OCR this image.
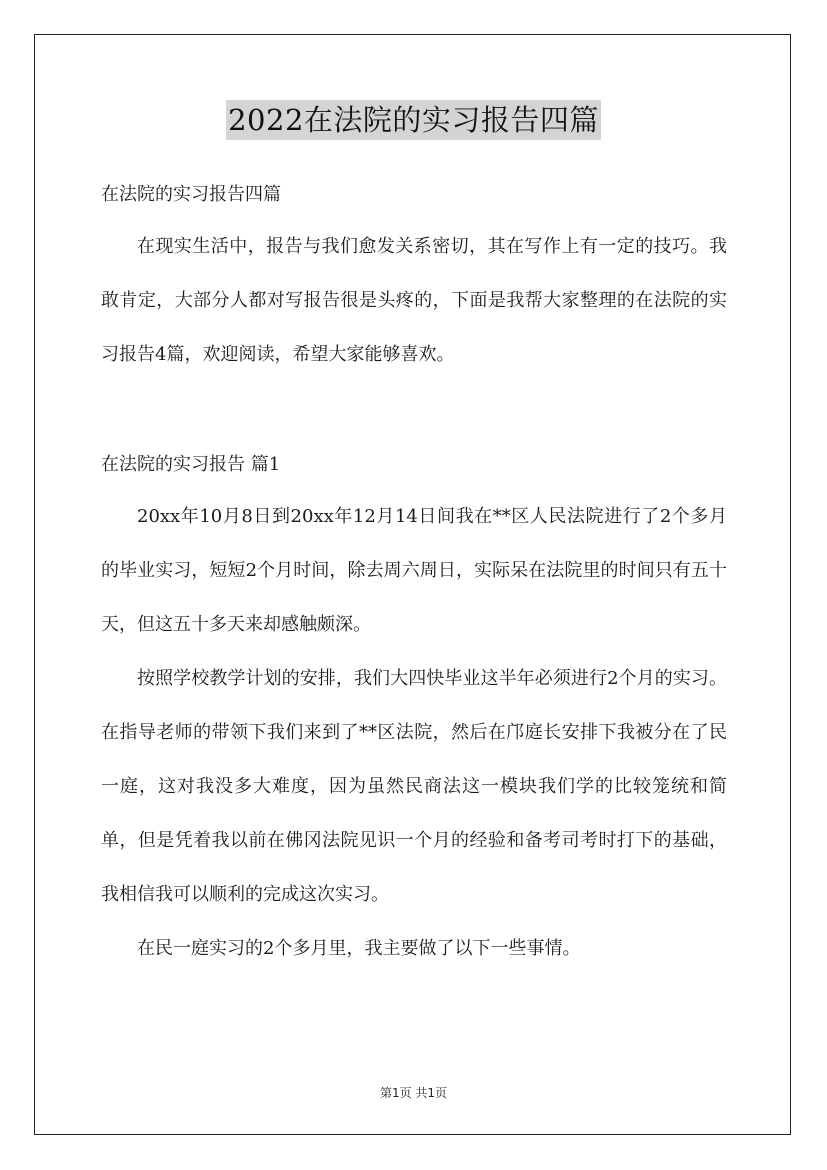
2022在法院的实习报告四篇

在法院的实习报告四篇

在现实生活中，报告与我们愈发关系密切，其在写作上有一定的技巧。我敢肯定，大部分人都对写报告很是头疼的，下面是我帮大家整理的在法院的实习报告4篇，欢迎阅读，希望大家能够喜欢。

在法院的实习报告 篇1

20xx年10月8日到20xx年12月14日间我在**区人民法院进行了2个多月的毕业实习，短短2个月时间，除去周六周日，实际呆在法院里的时间只有五十天，但这五十多天来却感触颇深。

按照学校教学计划的安排，我们大四快毕业这半年必须进行2个月的实习。在指导老师的带领下我们来到了**区法院，然后在邝庭长安排下我被分在了民一庭，这对我没多大难度，因为虽然民商法这一模块我们学的比较笼统和简单，但是凭着我以前在佛冈法院见识一个月的经验和备考司考时打下的基础，我相信我可以顺利的完成这次实习。

在民一庭实习的2个多月里，我主要做了以下一些事情。

第1页 共1页
